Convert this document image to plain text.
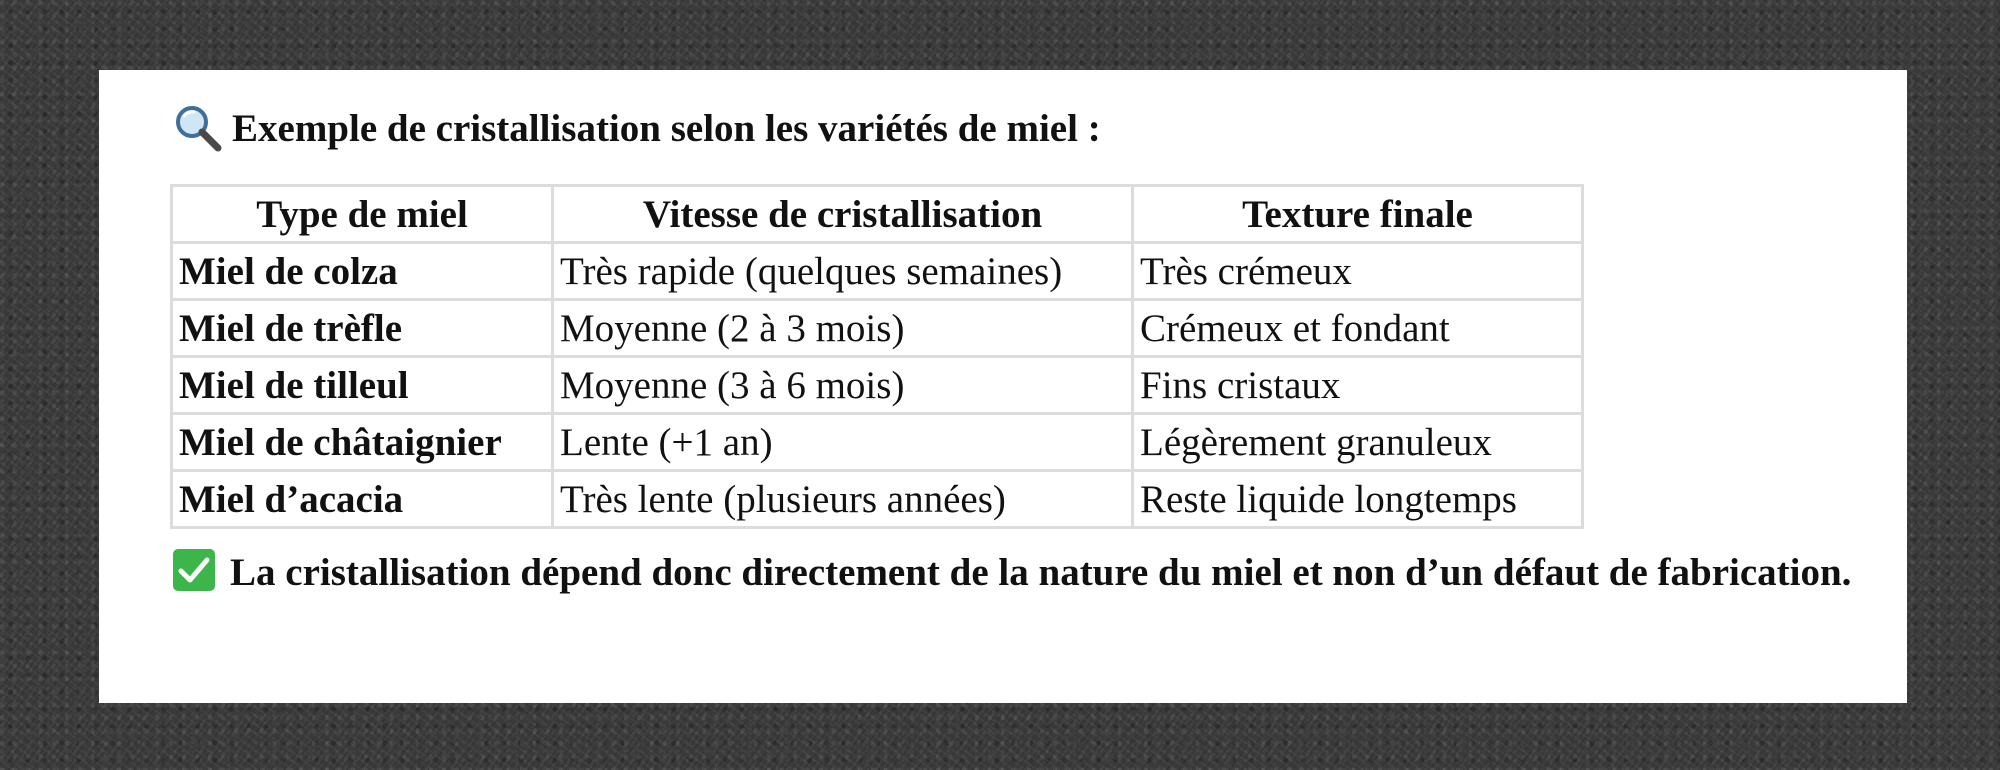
Exemple de cristallisation selon les variétés de miel :
Type de miel	Vitesse de cristallisation	Texture finale
Miel de colza	Très rapide (quelques semaines)	Très crémeux
Miel de trèfle	Moyenne (2 à 3 mois)	Crémeux et fondant
Miel de tilleul	Moyenne (3 à 6 mois)	Fins cristaux
Miel de châtaignier	Lente (+1 an)	Légèrement granuleux
Miel d’acacia	Très lente (plusieurs années)	Reste liquide longtemps
La cristallisation dépend donc directement de la nature du miel et non d’un défaut de fabrication.
